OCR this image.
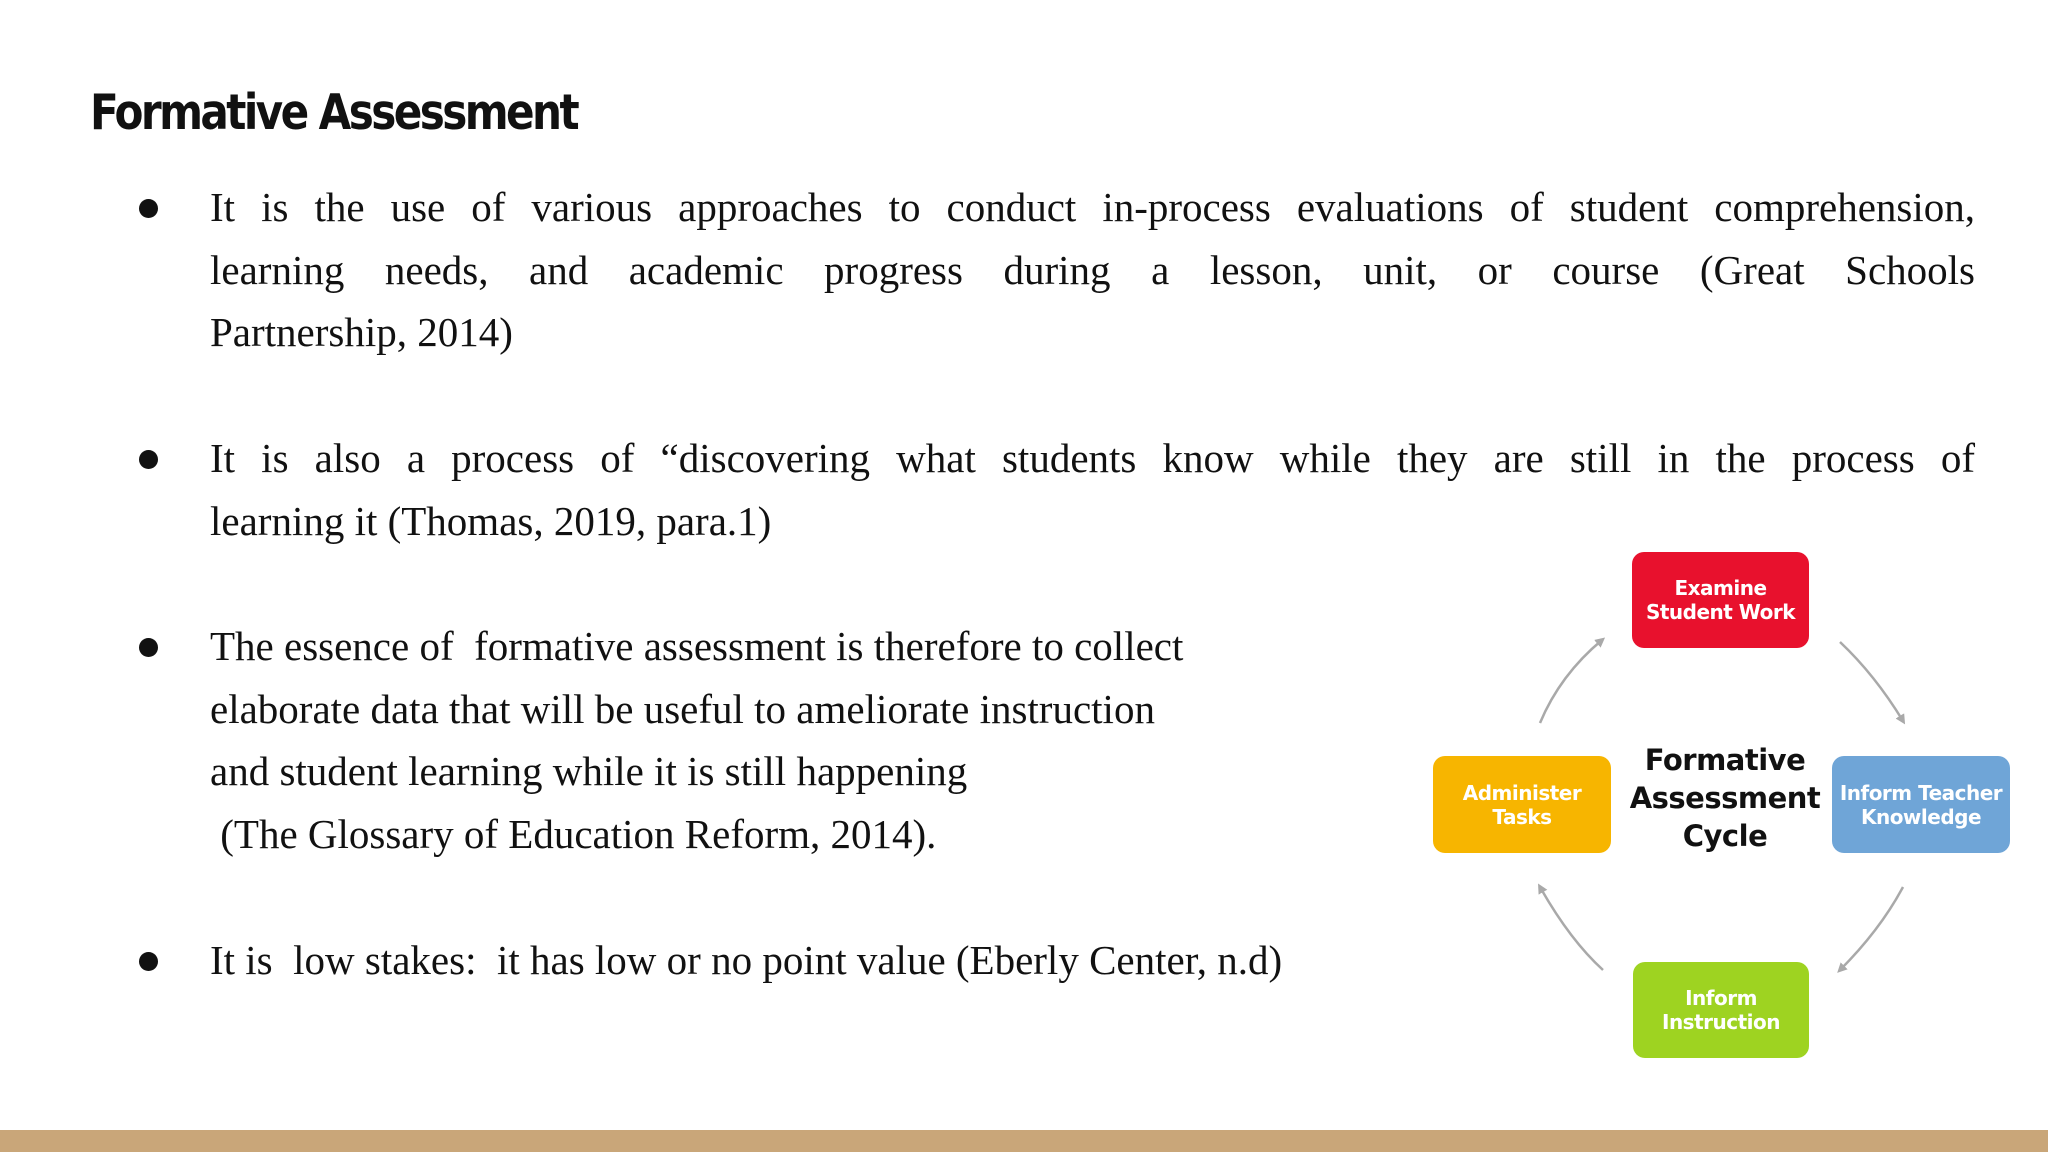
Formative Assessment
It is the use of various approaches to conduct in-process evaluations of student comprehension,
learning needs, and academic progress during a lesson, unit, or course (Great Schools
Partnership, 2014)
It is also a process of “discovering what students know while they are still in the process of
learning it (Thomas, 2019, para.1)
The essence of  formative assessment is therefore to collect
elaborate data that will be useful to ameliorate instruction
and student learning while it is still happening
(The Glossary of Education Reform, 2014).
It is  low stakes:  it has low or no point value (Eberly Center, n.d)
Examine
Student Work
Inform Teacher
Knowledge
Inform
Instruction
Administer
Tasks
Formative
Assessment
Cycle
